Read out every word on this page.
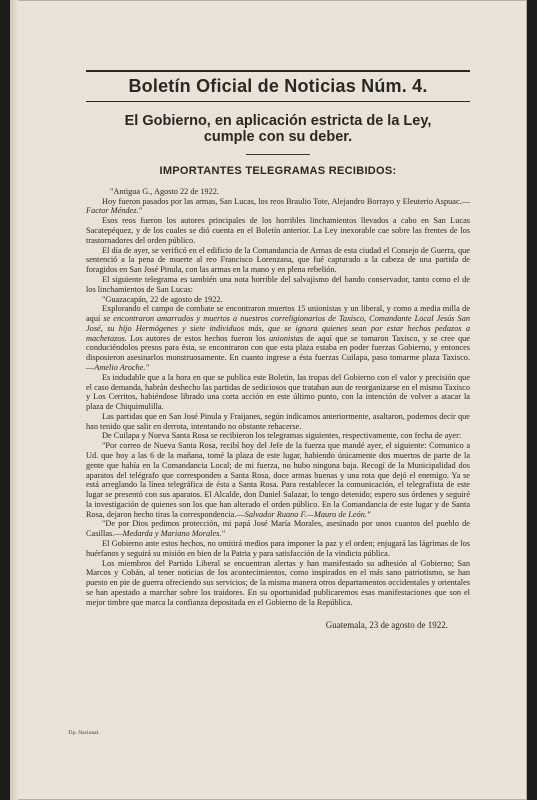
Boletín Oficial de Noticias Núm. 4.
El Gobierno, en aplicación estricta de la Ley,
cumple con su deber.
IMPORTANTES TELEGRAMAS RECIBIDOS:

"Antigua G., Agosto 22 de 1922.

Hoy fueron pasados por las armas, San Lucas, los reos Braulio Tote, Alejandro Borrayo y Eleuterio Aspuac.—Factor Méndez."

Esos reos fueron los autores principales de los horribles linchamientos llevados a cabo en San Lucas Sacatepéquez, y de los cuales se dió cuenta en el Boletín anterior. La Ley inexorable cae sobre las frentes de los trastornadores del orden público.

El día de ayer, se verificó en el edificio de la Comandancia de Armas de esta ciudad el Consejo de Guerra, que sentenció a la pena de muerte al reo Francisco Lorenzana, que fué capturado a la cabeza de una partida de foragidos en San José Pinula, con las armas en la mano y en plena rebelión.

El siguiente telegrama es también una nota horrible del salvajismo del bando conservador, tanto como el de los linchamientos de San Lucas:

"Guazacapán, 22 de agosto de 1922.

Explorando el campo de combate se encontraron muertos 15 unionistas y un liberal, y como a media milla de aquí se encontraron amarrados y muertos a nuestros correligionarios de Taxisco, Comandante Local Jesús San José, su hijo Hermógenes y siete individuos más, que se ignora quienes sean por estar hechos pedazos a machetazos. Los autores de estos hechos fueron los unionistas de aquí que se tomaron Taxisco, y se cree que conduciéndolos presos para ésta, se encontraron con que esta plaza estaba en poder fuerzas Gobierno, y entonces disposieron asesinarlos monstruosamente. En cuanto ingrese a ésta fuerzas Cuilapa, paso tomarme plaza Taxisco.—Amelio Aroche."

Es indudable que a la hora en que se publica este Boletín, las tropas del Gobierno con el valor y precisión que el caso demanda, habrán deshecho las partidas de sediciosos que trataban aun de reorganizarse en el mismo Taxisco y Los Cerritos, habiéndose librado una corta acción en este último punto, con la intención de volver a atacar la plaza de Chiquimulilla.

Las partidas que en San José Pinula y Fraijanes, según indicamos anteriormente, asaltaron, podemos decir que han tenido que salir en derrota, intentando no obstante rehacerse.

De Cuilapa y Nueva Santa Rosa se recibieron los telegramas siguientes, respectivamente, con fecha de ayer:

"Por correo de Nueva Santa Rosa, recibí hoy del Jefe de la fuerza que mandé ayer, el siguiente: Comunico a Ud. que hoy a las 6 de la mañana, tomé la plaza de este lugar, habiendo únicamente dos muertos de parte de la gente que había en la Comandancia Local; de mi fuerza, no hubo ninguna baja. Recogí de la Municipalidad dos aparatos del telégrafo que corresponden a Santa Rosa, doce armas buenas y una rota que dejó el enemigo. Ya se está arreglando la línea telegráfica de ésta a Santa Rosa. Para restablecer la comunicación, el telegrafista de este lugar se presentó con sus aparatos. El Alcalde, don Daniel Salazar, lo tengo detenido; espero sus órdenes y seguiré la investigación de quienes son los que han alterado el orden público. En la Comandancia de este lugar y de Santa Rosa, dejaron hecho tiras la correspondencia.—Salvador Ruano F.—Mauro de León."

"De por Dios pedimos protección, mi papá José María Morales, asesinado por unos cuantos del pueblo de Casillas.—Medarda y Mariano Morales."

El Gobierno ante estos hechos, no omitirá medios para imponer la paz y el orden; enjugará las lágrimas de los huérfanos y seguirá su misión en bien de la Patria y para satisfacción de la vindicta pública.

Los miembros del Partido Liberal se encuentran alertas y han manifestado su adhesión al Gobierno; San Marcos y Cobán, al tener noticias de los acontecimientos, como inspirados en el más sano patriotismo, se han puesto en pie de guerra ofreciendo sus servicios; de la misma manera otros departamentos occidentales y orientales se han apestado a marchar sobre los traidores. En su oportunidad publicaremos esas manifestaciones que son el mejor timbre que marca la confianza depositada en el Gobierno de la República.

Guatemala, 23 de agosto de 1922.
Tip. Nacional.
